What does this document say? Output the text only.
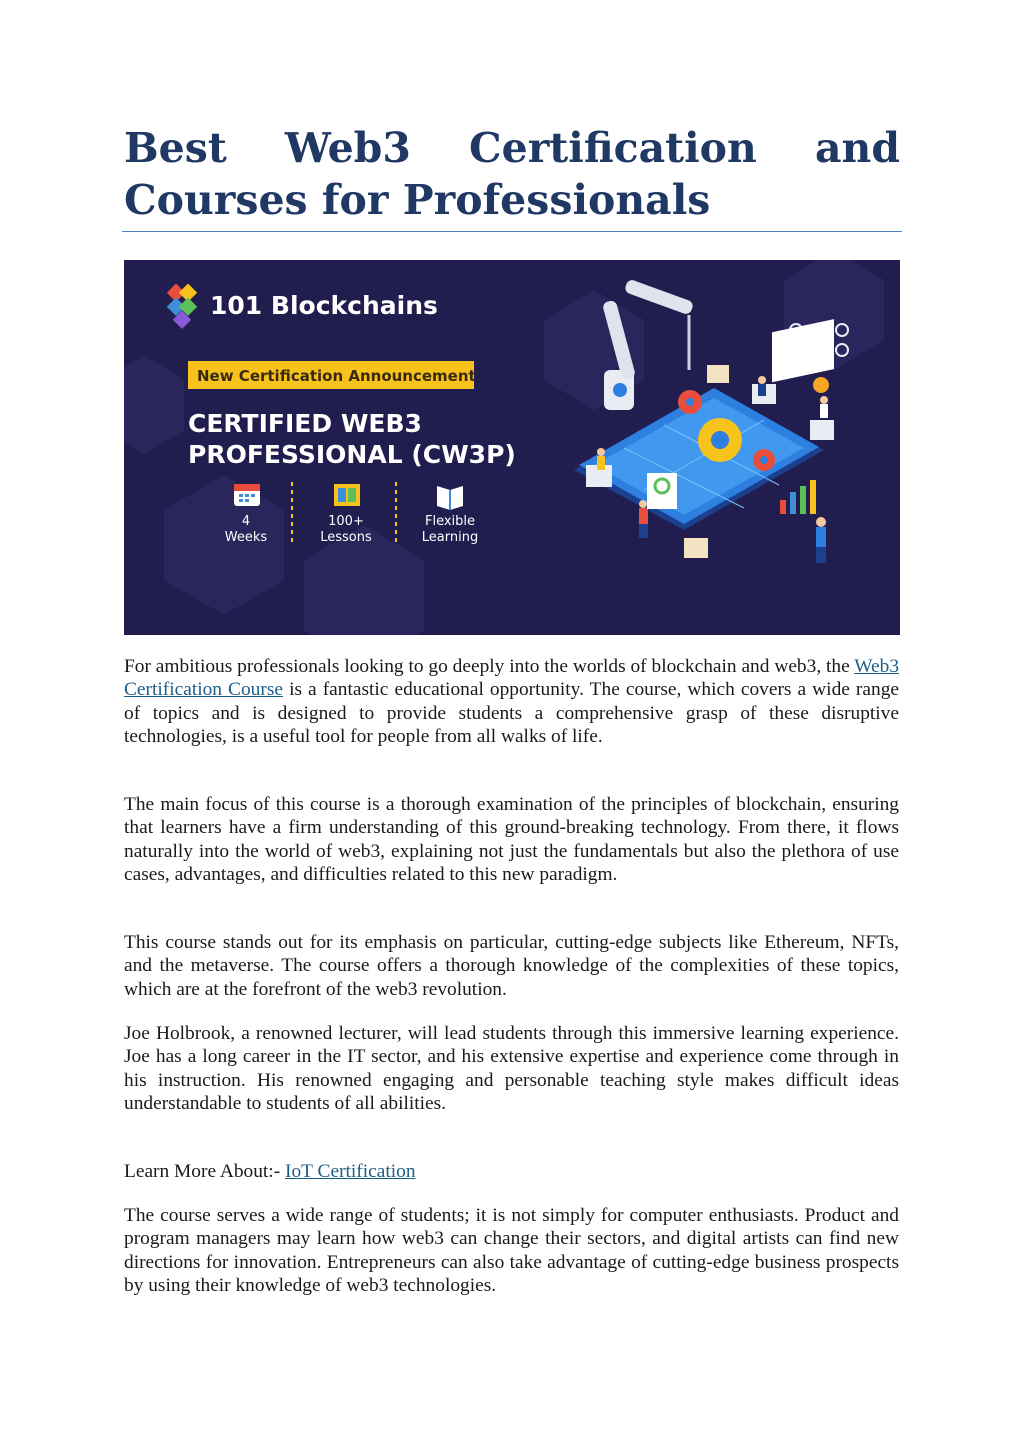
Best Web3 Certification and Courses for Professionals
101 Blockchains
New Certification Announcement
CERTIFIED WEB3
PROFESSIONAL (CW3P)
4
Weeks
100+
Lessons
Flexible
Learning

For ambitious professionals looking to go deeply into the worlds of blockchain and web3, the Web3 Certification Course is a fantastic educational opportunity. The course, which covers a wide range of topics and is designed to provide students a comprehensive grasp of these disruptive technologies, is a useful tool for people from all walks of life.

The main focus of this course is a thorough examination of the principles of blockchain, ensuring that learners have a firm understanding of this ground-breaking technology. From there, it flows naturally into the world of web3, explaining not just the fundamentals but also the plethora of use cases, advantages, and difficulties related to this new paradigm.

This course stands out for its emphasis on particular, cutting-edge subjects like Ethereum, NFTs, and the metaverse. The course offers a thorough knowledge of the complexities of these topics, which are at the forefront of the web3 revolution.

Joe Holbrook, a renowned lecturer, will lead students through this immersive learning experience. Joe has a long career in the IT sector, and his extensive expertise and experience come through in his instruction. His renowned engaging and personable teaching style makes difficult ideas understandable to students of all abilities.

Learn More About:- IoT Certification

The course serves a wide range of students; it is not simply for computer enthusiasts. Product and program managers may learn how web3 can change their sectors, and digital artists can find new directions for innovation. Entrepreneurs can also take advantage of cutting-edge business prospects by using their knowledge of web3 technologies.
